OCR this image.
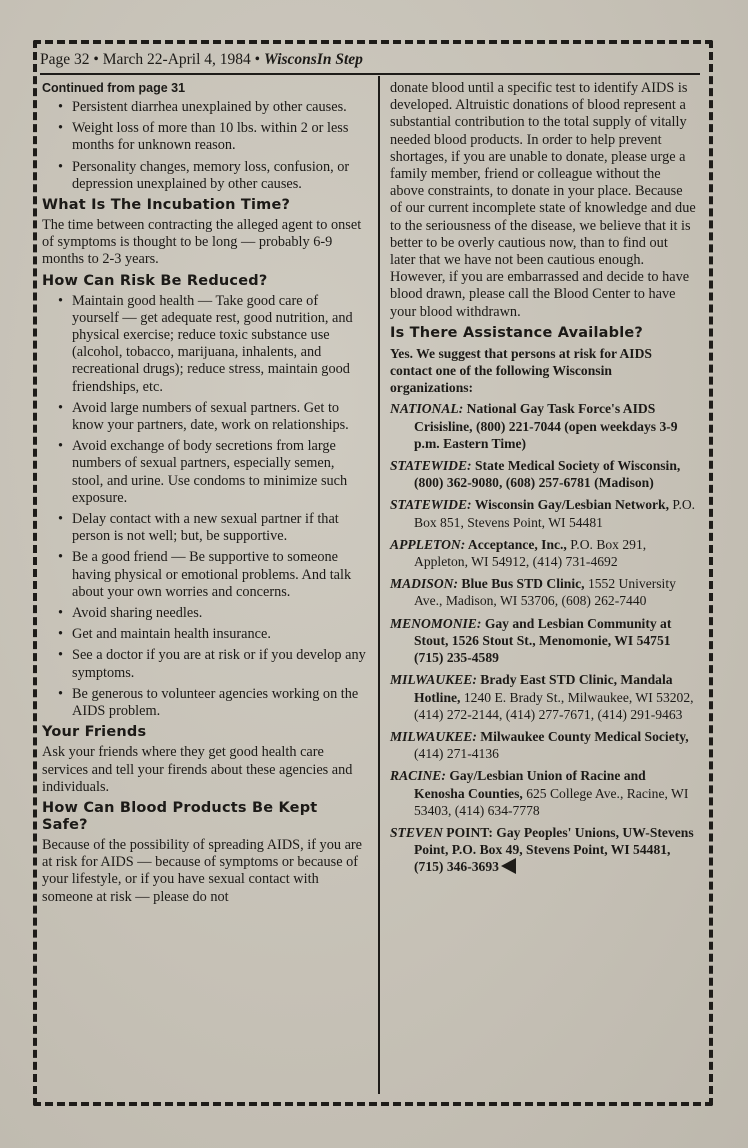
Page 32 • March 22-April 4, 1984 • WisconsIn Step
Continued from page 31
• Persistent diarrhea unexplained by other causes.
• Weight loss of more than 10 lbs. within 2 or less months for unknown reason.
• Personality changes, memory loss, confusion, or depression unexplained by other causes.
What Is The Incubation Time?

The time between contracting the alleged agent to onset of symptoms is thought to be long — probably 6-9 months to 2-3 years.

How Can Risk Be Reduced?
• Maintain good health — Take good care of yourself — get adequate rest, good nutrition, and physical exercise; reduce toxic substance use (alcohol, tobacco, marijuana, inhalents, and recreational drugs); reduce stress, maintain good friendships, etc.
• Avoid large numbers of sexual partners. Get to know your partners, date, work on relationships.
• Avoid exchange of body secretions from large numbers of sexual partners, especially semen, stool, and urine. Use condoms to minimize such exposure.
• Delay contact with a new sexual partner if that person is not well; but, be supportive.
• Be a good friend — Be supportive to someone having physical or emotional problems. And talk about your own worries and concerns.
• Avoid sharing needles.
• Get and maintain health insurance.
• See a doctor if you are at risk or if you develop any symptoms.
• Be generous to volunteer agencies working on the AIDS problem.
Your Friends

Ask your friends where they get good health care services and tell your firends about these agencies and individuals.

How Can Blood Products Be Kept Safe?

Because of the possibility of spreading AIDS, if you are at risk for AIDS — because of symptoms or because of your lifestyle, or if you have sexual contact with someone at risk — please do not

donate blood until a specific test to identify AIDS is developed. Altruistic donations of blood represent a substantial contribution to the total supply of vitally needed blood products. In order to help prevent shortages, if you are unable to donate, please urge a family member, friend or colleague without the above constraints, to donate in your place. Because of our current incomplete state of knowledge and due to the seriousness of the disease, we believe that it is better to be overly cautious now, than to find out later that we have not been cautious enough. However, if you are embarrassed and decide to have blood drawn, please call the Blood Center to have your blood withdrawn.

Is There Assistance Available?

Yes. We suggest that persons at risk for AIDS contact one of the following Wisconsin organizations:

NATIONAL: National Gay Task Force's AIDS Crisisline, (800) 221-7044 (open weekdays 3-9 p.m. Eastern Time)
STATEWIDE: State Medical Society of Wisconsin, (800) 362-9080, (608) 257-6781 (Madison)
STATEWIDE: Wisconsin Gay/Lesbian Network, P.O. Box 851, Stevens Point, WI 54481
APPLETON: Acceptance, Inc., P.O. Box 291, Appleton, WI 54912, (414) 731-4692
MADISON: Blue Bus STD Clinic, 1552 University Ave., Madison, WI 53706, (608) 262-7440
MENOMONIE: Gay and Lesbian Community at Stout, 1526 Stout St., Menomonie, WI 54751 (715) 235-4589
MILWAUKEE: Brady East STD Clinic, Mandala Hotline, 1240 E. Brady St., Milwaukee, WI 53202, (414) 272-2144, (414) 277-7671, (414) 291-9463
MILWAUKEE: Milwaukee County Medical Society, (414) 271-4136
RACINE: Gay/Lesbian Union of Racine and Kenosha Counties, 625 College Ave., Racine, WI 53403, (414) 634-7778
STEVEN POINT: Gay Peoples' Unions, UW-Stevens Point, P.O. Box 49, Stevens Point, WI 54481, (715) 346-3693
